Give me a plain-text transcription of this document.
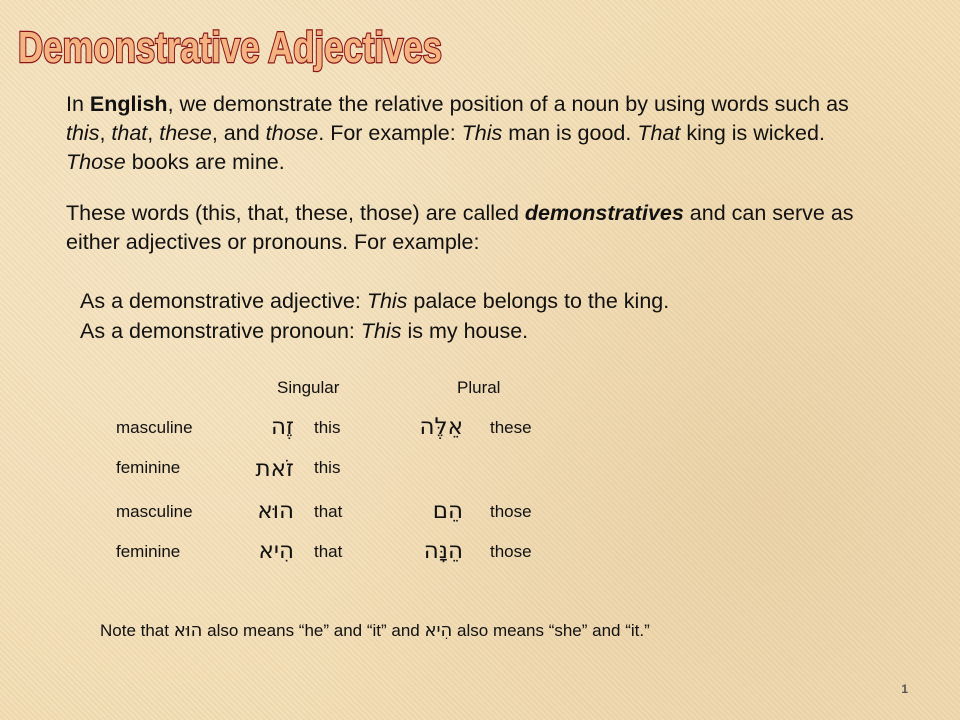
Demonstrative Adjectives

In English, we demonstrate the relative position of a noun by using words such as this, that, these, and those. For example: This man is good. That king is wicked. Those books are mine.

These words (this, that, these, those) are called demonstratives and can serve as either adjectives or pronouns. For example:

As a demonstrative adjective: This palace belongs to the king.
As a demonstrative pronoun: This is my house.
Singular	Plural
masculine	זֶה this	אֵלֶּה these
feminine	זֹאת this
masculine	הוּא that	הֵם those
feminine	הִיא that	הֵנָּה those
Note that הוּא also means “he” and “it” and הִיא also means “she” and “it.”
1
